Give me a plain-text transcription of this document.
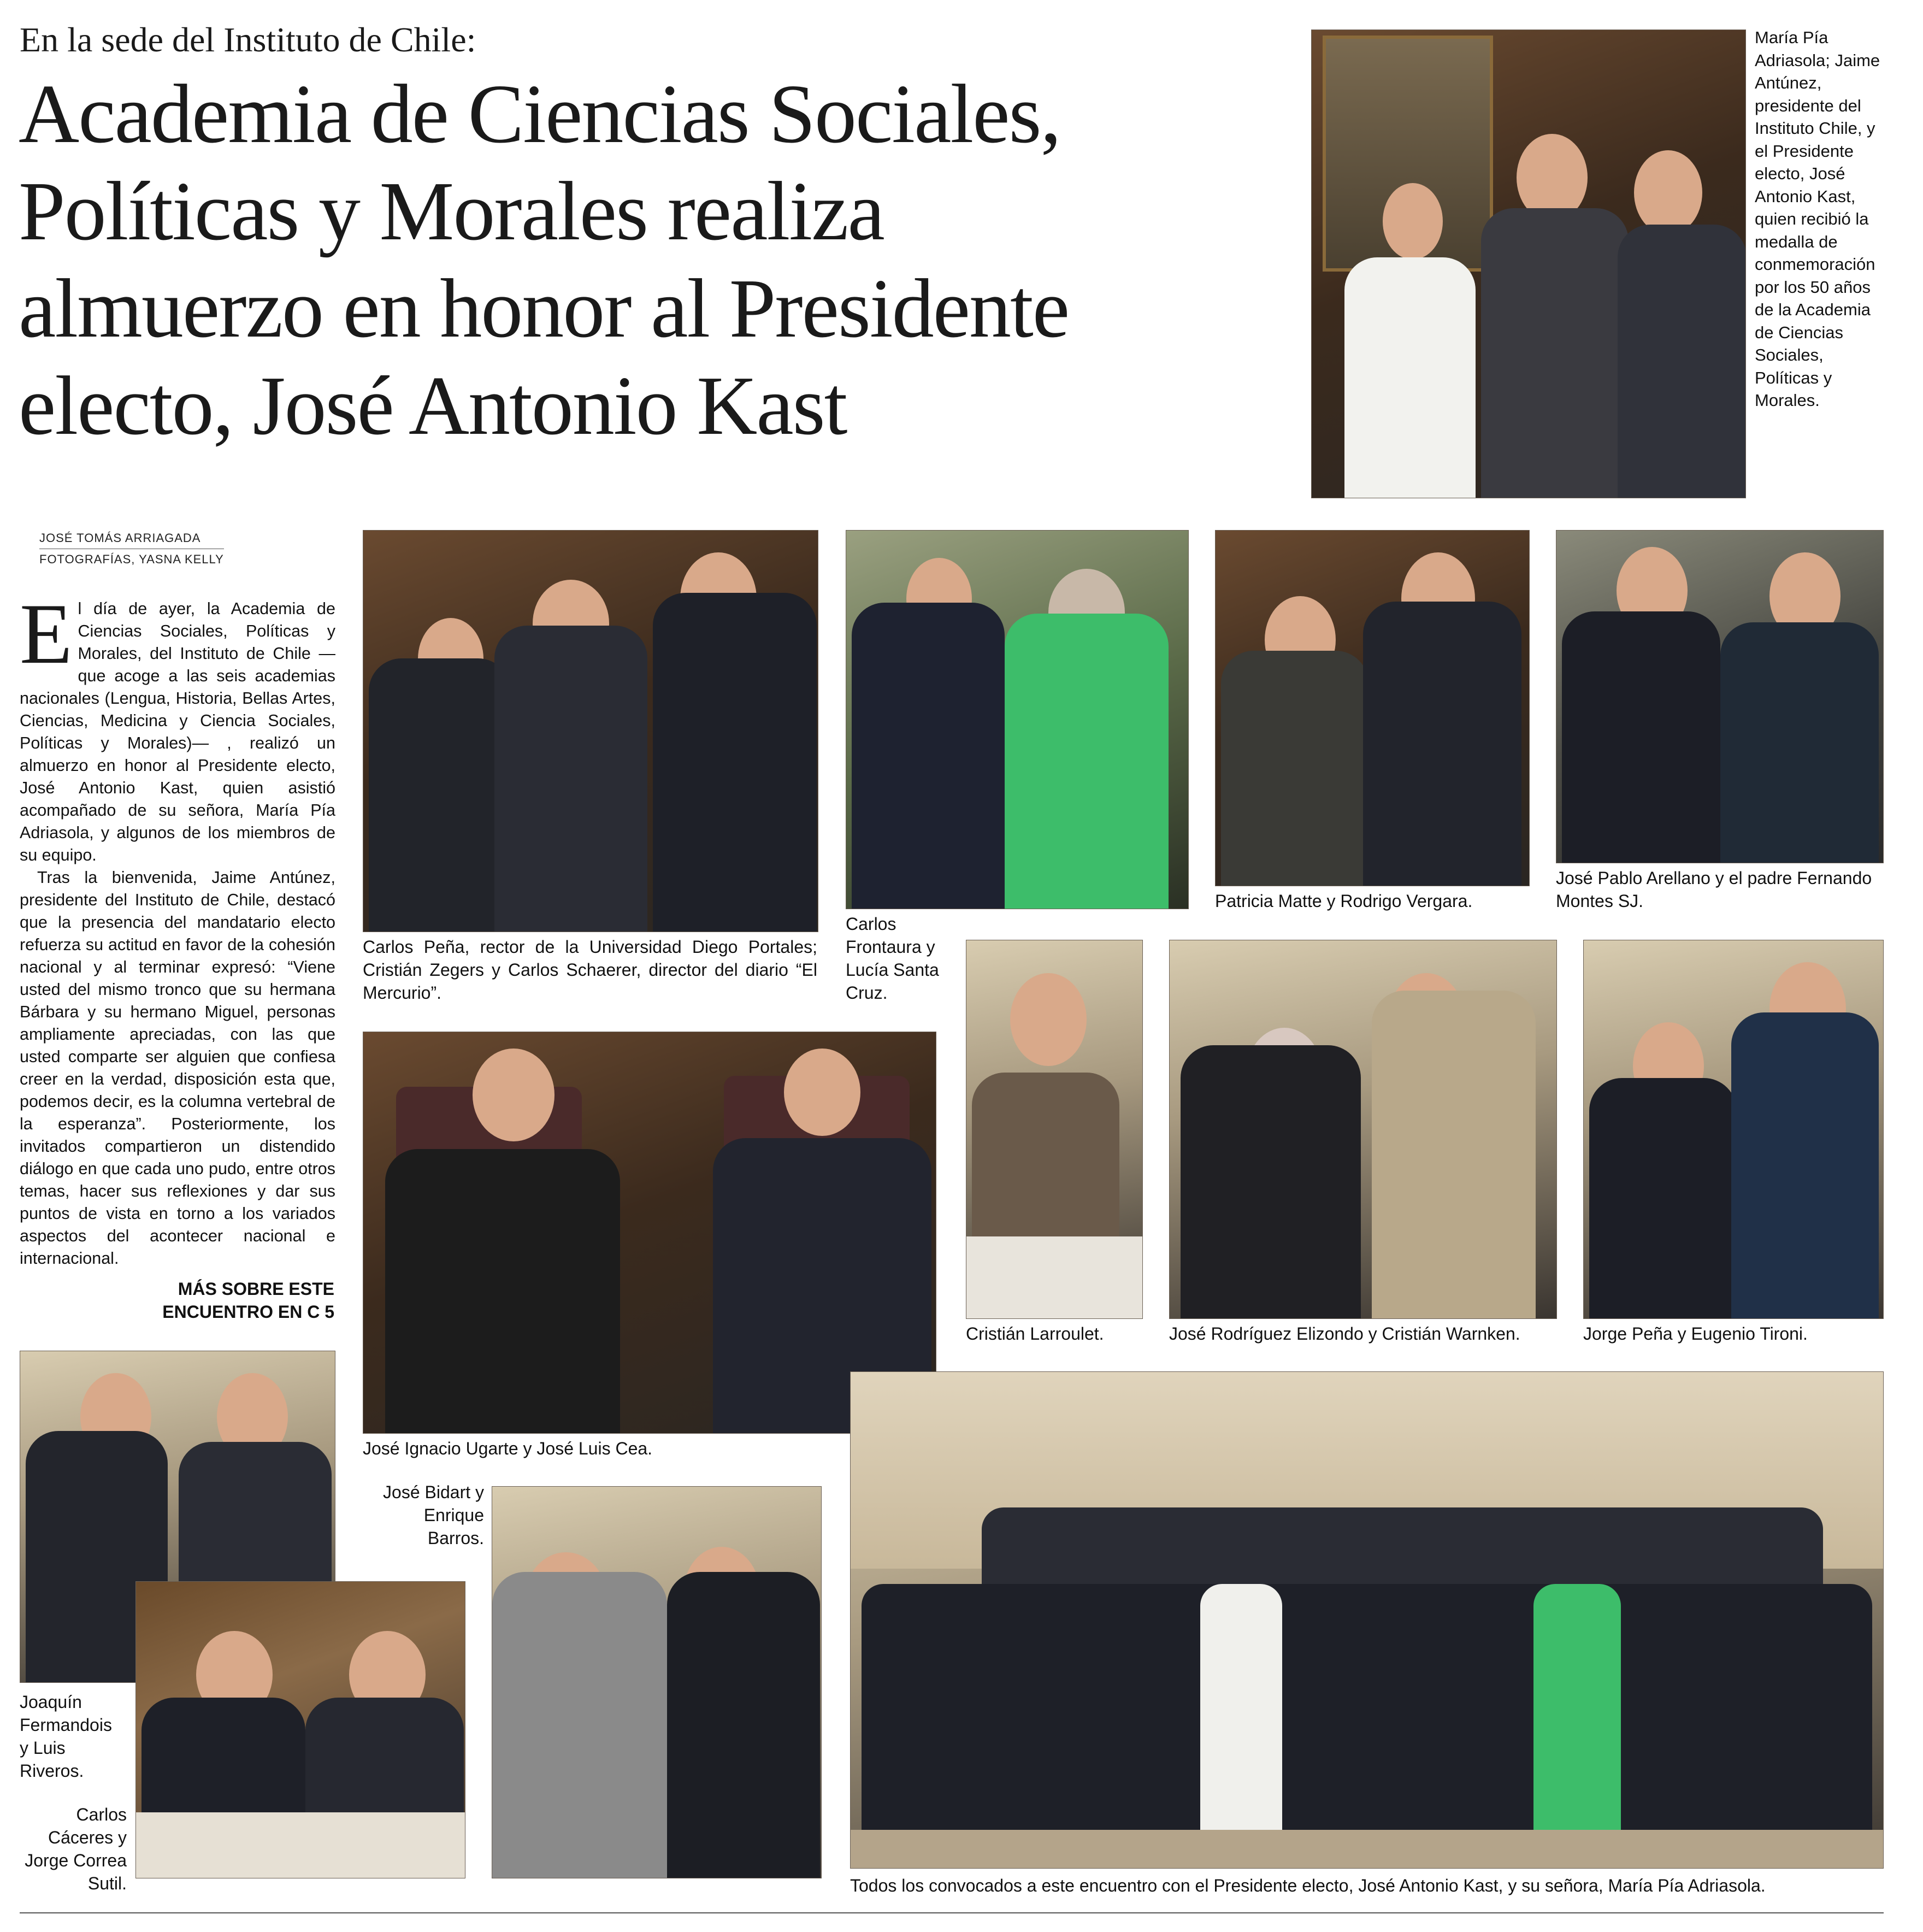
En la sede del Instituto de Chile:
Academia de Ciencias Sociales,
Políticas y Morales realiza
almuerzo en honor al Presidente
electo, José Antonio Kast
María Pía Adriasola; Jaime Antúnez, presidente del Instituto Chile, y el Presidente electo, José Antonio Kast, quien recibió la medalla de conmemoración por los 50 años de la Academia de Ciencias Sociales, Políticas y Morales.
JOSÉ TOMÁS ARRIAGADA
FOTOGRAFÍAS, YASNA KELLY

El día de ayer, la Academia de Ciencias Sociales, Políticas y Morales, del Instituto de Chile —que acoge a las seis academias nacionales (Lengua, Historia, Bellas Artes, Ciencias, Medicina y Ciencia Sociales, Políticas y Morales)— , realizó un almuerzo en honor al Presidente electo, José Antonio Kast, quien asistió acompañado de su señora, María Pía Adriasola, y algunos de los miembros de su equipo.

Tras la bienvenida, Jaime Antúnez, presidente del Instituto de Chile, destacó que la presencia del mandatario electo refuerza su actitud en favor de la cohesión nacional y al terminar expresó: “Viene usted del mismo tronco que su hermana Bárbara y su hermano Miguel, personas ampliamente apreciadas, con las que usted comparte ser alguien que confiesa creer en la verdad, disposición esta que, podemos decir, es la columna vertebral de la esperanza”. Posteriormente, los invitados compartieron un distendido diálogo en que cada uno pudo, entre otros temas, hacer sus reflexiones y dar sus puntos de vista en torno a los variados aspectos del acontecer nacional e internacional.

MÁS SOBRE ESTE
ENCUENTRO EN C 5
Carlos Peña, rector de la Universidad Diego Portales; Cristián Zegers y Carlos Schaerer, director del diario “El Mercurio”.
Carlos Frontaura y Lucía Santa Cruz.
Patricia Matte y Rodrigo Vergara.
José Pablo Arellano y el padre Fernando Montes SJ.
José Ignacio Ugarte y José Luis Cea.
Cristián Larroulet.	José Rodríguez Elizondo y Cristián Warnken.	Jorge Peña y Eugenio Tironi.
Joaquín Fermandois y Luis Riveros.
Carlos Cáceres y Jorge Correa Sutil.
José Bidart y Enrique Barros.
Todos los convocados a este encuentro con el Presidente electo, José Antonio Kast, y su señora, María Pía Adriasola.
